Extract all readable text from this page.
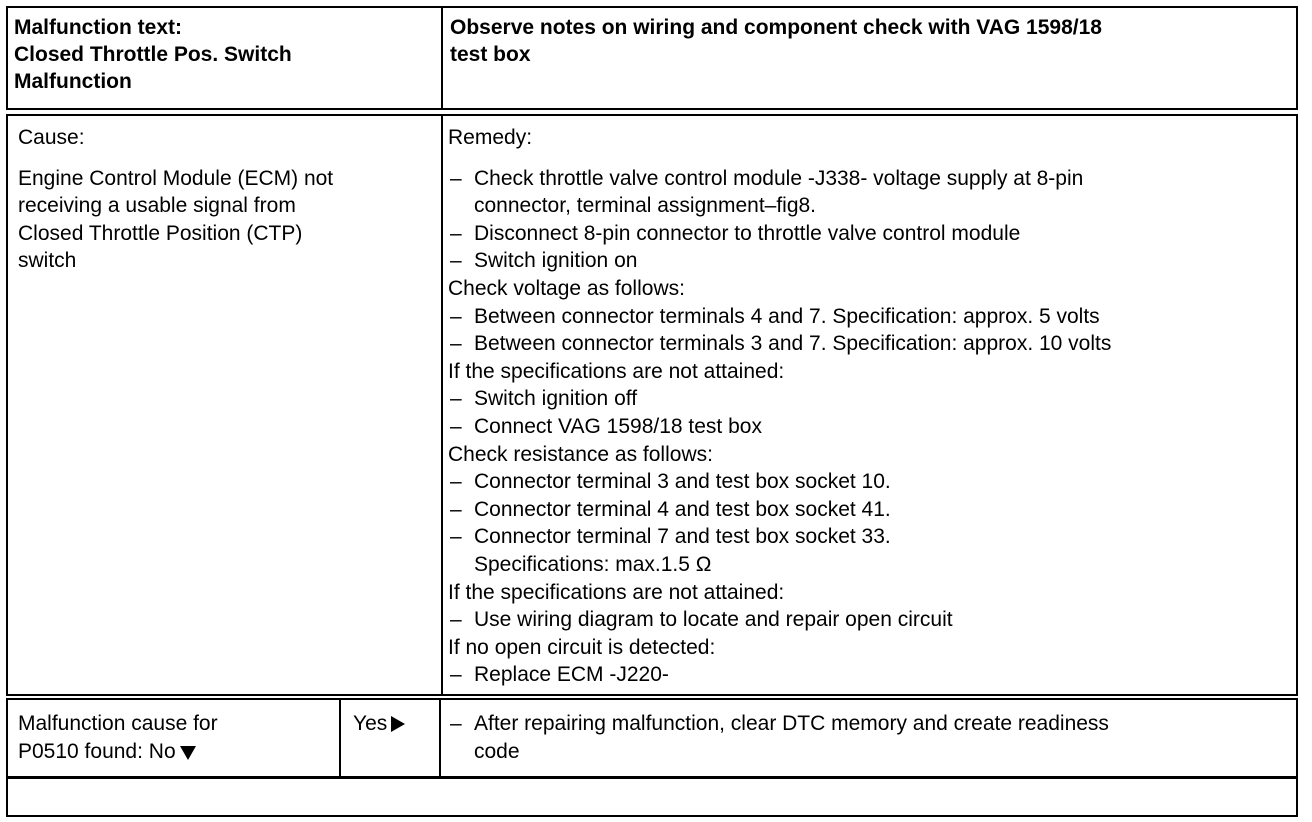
Malfunction text:
Closed Throttle Pos. Switch
Malfunction
Observe notes on wiring and component check with VAG 1598/18
test box
Cause:
Engine Control Module (ECM) not
receiving a usable signal from
Closed Throttle Position (CTP)
switch
Remedy:
– Check throttle valve control module -J338- voltage supply at 8-pin
connector, terminal assignment–fig8.
– Disconnect 8-pin connector to throttle valve control module
– Switch ignition on
Check voltage as follows:
– Between connector terminals 4 and 7. Specification: approx. 5 volts
– Between connector terminals 3 and 7. Specification: approx. 10 volts
If the specifications are not attained:
– Switch ignition off
– Connect VAG 1598/18 test box
Check resistance as follows:
– Connector terminal 3 and test box socket 10.
– Connector terminal 4 and test box socket 41.
– Connector terminal 7 and test box socket 33.
Specifications: max.1.5 Ω
If the specifications are not attained:
– Use wiring diagram to locate and repair open circuit
If no open circuit is detected:
– Replace ECM -J220-
Malfunction cause for
P0510 found: No
Yes	– After repairing malfunction, clear DTC memory and create readiness
code
